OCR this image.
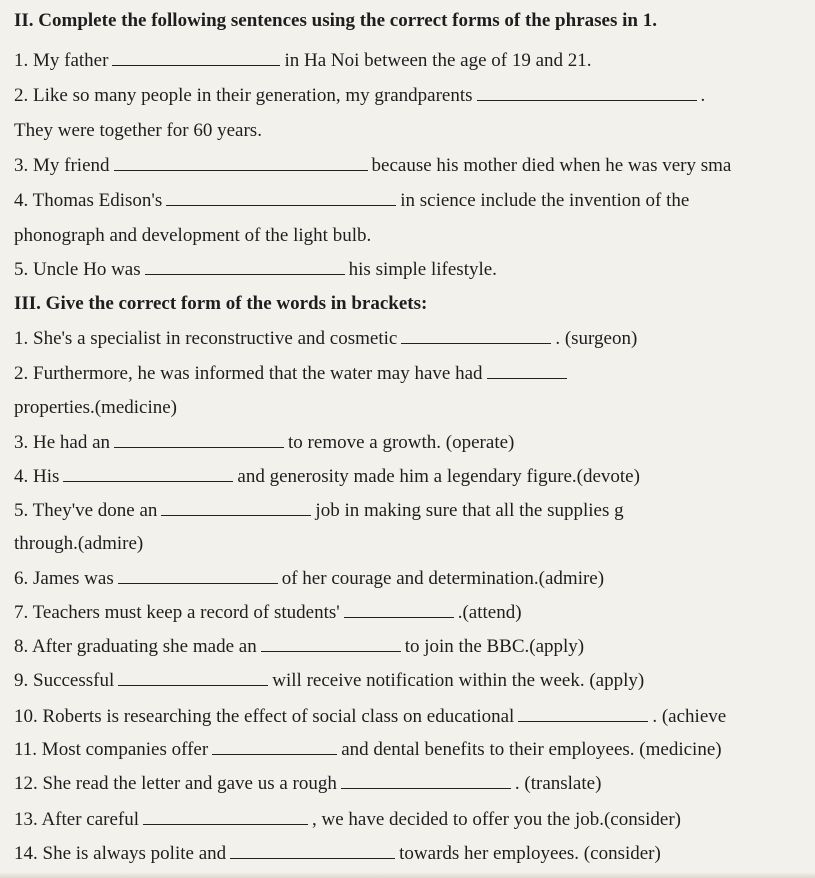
II. Complete the following sentences using the correct forms of the phrases in 1.
1. My father	in Ha Noi between the age of 19 and 21.
2. Like so many people in their generation, my grandparents	.
They were together for 60 years.
3. My friend	because his mother died when he was very sma
4. Thomas Edison's	in science include the invention of the
phonograph and development of the light bulb.
5. Uncle Ho was	his simple lifestyle.
III. Give the correct form of the words in brackets:
1. She's a specialist in reconstructive and cosmetic	. (surgeon)
2. Furthermore, he was informed that the water may have had
properties.(medicine)
3. He had an	to remove a growth. (operate)
4. His	and generosity made him a legendary figure.(devote)
5. They've done an	job in making sure that all the supplies g
through.(admire)
6. James was	of her courage and determination.(admire)
7. Teachers must keep a record of students'	.(attend)
8. After graduating she made an	to join the BBC.(apply)
9. Successful	will receive notification within the week. (apply)
10. Roberts is researching the effect of social class on educational	. (achieve
11. Most companies offer	and dental benefits to their employees. (medicine)
12. She read the letter and gave us a rough	. (translate)
13. After careful	, we have decided to offer you the job.(consider)
14. She is always polite and	towards her employees. (consider)
